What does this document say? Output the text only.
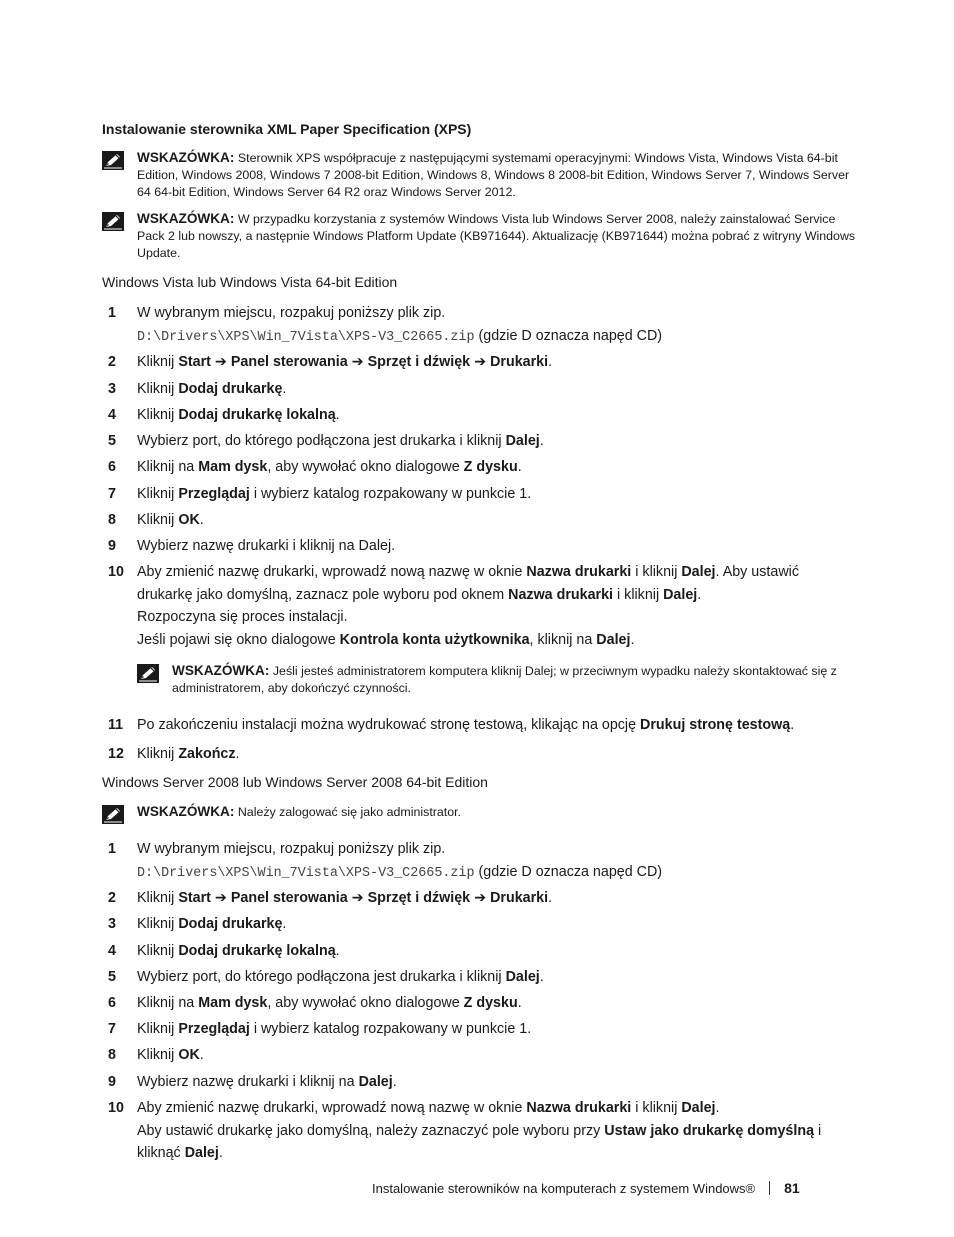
Instalowanie sterownika XML Paper Specification (XPS)
WSKAZÓWKA: Sterownik XPS współpracuje z następującymi systemami operacyjnymi: Windows Vista, Windows Vista 64-bit Edition, Windows 2008, Windows 7 2008-bit Edition, Windows 8, Windows 8 2008-bit Edition, Windows Server 7, Windows Server 64 64-bit Edition, Windows Server 64 R2 oraz Windows Server 2012.
WSKAZÓWKA: W przypadku korzystania z systemów Windows Vista lub Windows Server 2008, należy zainstalować Service Pack 2 lub nowszy, a następnie Windows Platform Update (KB971644). Aktualizację (KB971644) można pobrać z witryny Windows Update.
Windows Vista lub Windows Vista 64-bit Edition
1 W wybranym miejscu, rozpakuj poniższy plik zip.
D:\Drivers\XPS\Win_7Vista\XPS-V3_C2665.zip (gdzie D oznacza napęd CD)
2 Kliknij Start ➔ Panel sterowania ➔ Sprzęt i dźwięk ➔ Drukarki.
3 Kliknij Dodaj drukarkę.
4 Kliknij Dodaj drukarkę lokalną.
5 Wybierz port, do którego podłączona jest drukarka i kliknij Dalej.
6 Kliknij na Mam dysk, aby wywołać okno dialogowe Z dysku.
7 Kliknij Przeglądaj i wybierz katalog rozpakowany w punkcie 1.
8 Kliknij OK.
9 Wybierz nazwę drukarki i kliknij na Dalej.
10 Aby zmienić nazwę drukarki, wprowadź nową nazwę w oknie Nazwa drukarki i kliknij Dalej. Aby ustawić drukarkę jako domyślną, zaznacz pole wyboru pod oknem Nazwa drukarki i kliknij Dalej.
Rozpoczyna się proces instalacji.
Jeśli pojawi się okno dialogowe Kontrola konta użytkownika, kliknij na Dalej.
WSKAZÓWKA: Jeśli jesteś administratorem komputera kliknij Dalej; w przeciwnym wypadku należy skontaktować się z administratorem, aby dokończyć czynności.
11 Po zakończeniu instalacji można wydrukować stronę testową, klikając na opcję Drukuj stronę testową.
12 Kliknij Zakończ.
Windows Server 2008 lub Windows Server 2008 64-bit Edition
WSKAZÓWKA: Należy zalogować się jako administrator.
1 W wybranym miejscu, rozpakuj poniższy plik zip.
D:\Drivers\XPS\Win_7Vista\XPS-V3_C2665.zip (gdzie D oznacza napęd CD)
2 Kliknij Start ➔ Panel sterowania ➔ Sprzęt i dźwięk ➔ Drukarki.
3 Kliknij Dodaj drukarkę.
4 Kliknij Dodaj drukarkę lokalną.
5 Wybierz port, do którego podłączona jest drukarka i kliknij Dalej.
6 Kliknij na Mam dysk, aby wywołać okno dialogowe Z dysku.
7 Kliknij Przeglądaj i wybierz katalog rozpakowany w punkcie 1.
8 Kliknij OK.
9 Wybierz nazwę drukarki i kliknij na Dalej.
10 Aby zmienić nazwę drukarki, wprowadź nową nazwę w oknie Nazwa drukarki i kliknij Dalej.
Aby ustawić drukarkę jako domyślną, należy zaznaczyć pole wyboru przy Ustaw jako drukarkę domyślną i kliknąć Dalej.
Instalowanie sterowników na komputerach z systemem Windows® 81
